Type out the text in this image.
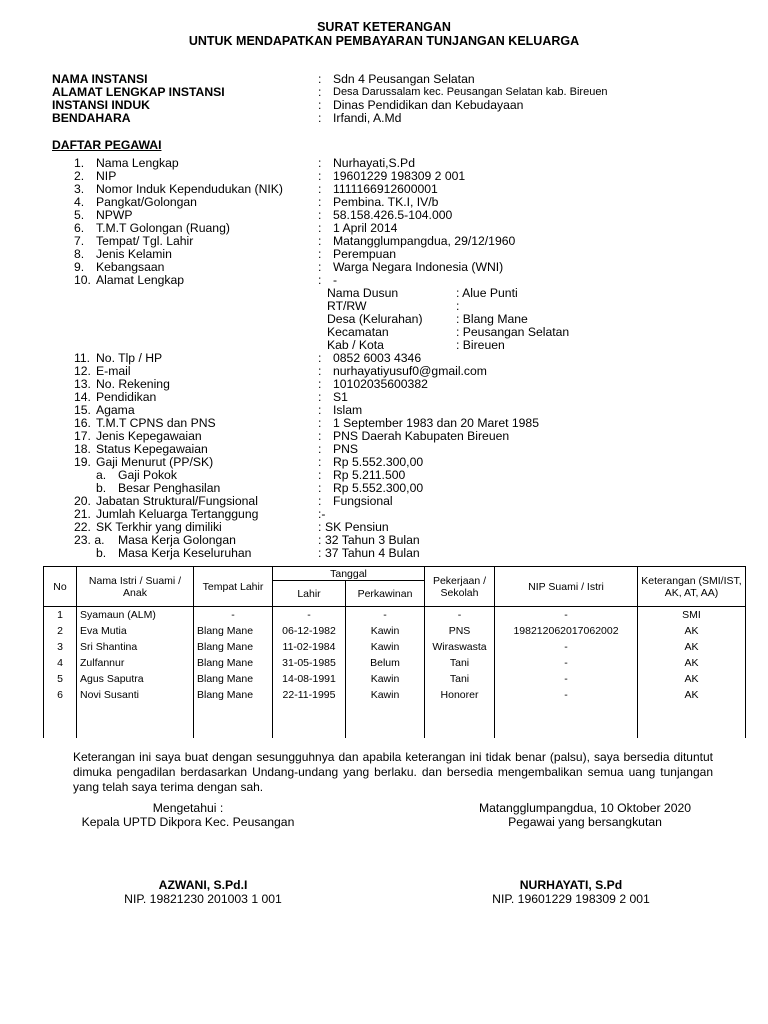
SURAT KETERANGAN
UNTUK MENDAPATKAN PEMBAYARAN TUNJANGAN KELUARGA
NAMA INSTANSI	: Sdn 4 Peusangan Selatan
ALAMAT LENGKAP INSTANSI	: Desa Darussalam kec. Peusangan Selatan kab. Bireuen
INSTANSI INDUK	: Dinas Pendidikan dan Kebudayaan
BENDAHARA	: Irfandi, A.Md
DAFTAR PEGAWAI
1. Nama Lengkap	: Nurhayati,S.Pd
2. NIP	: 19601229 198309 2 001
3. Nomor Induk Kependudukan (NIK)	: 1111166912600001
4. Pangkat/Golongan	: Pembina. TK.I, IV/b
5. NPWP	: 58.158.426.5-104.000
6. T.M.T Golongan (Ruang)	: 1 April 2014
7. Tempat/ Tgl. Lahir	: Matangglumpangdua, 29/12/1960
8. Jenis Kelamin	: Perempuan
9. Kebangsaan	: Warga Negara Indonesia (WNI)
10. Alamat Lengkap	: -
Nama Dusun	: Alue Punti
RT/RW	:
Desa (Kelurahan)	: Blang Mane
Kecamatan	: Peusangan Selatan
Kab / Kota	: Bireuen
11. No. Tlp / HP	: 0852 6003 4346
12. E-mail	: nurhayatiyusuf0@gmail.com
13. No. Rekening	: 10102035600382
14. Pendidikan	: S1
15. Agama	: Islam
16. T.M.T CPNS dan PNS	: 1 September 1983 dan 20 Maret 1985
17. Jenis Kepegawaian	: PNS Daerah Kabupaten Bireuen
18. Status Kepegawaian	: PNS
19. Gaji Menurut (PP/SK)	: Rp 5.552.300,00
a. Gaji Pokok	: Rp 5.211.500
b. Besar Penghasilan	: Rp 5.552.300,00
20. Jabatan Struktural/Fungsional	: Fungsional
21. Jumlah Keluarga Tertanggung	:-
22. SK Terkhir yang dimiliki	: SK Pensiun
23. a. Masa Kerja Golongan	: 32 Tahun 3 Bulan
b. Masa Kerja Keseluruhan	: 37 Tahun 4 Bulan
No	Nama Istri / Suami / Anak	Tempat Lahir	Tanggal		Pekerjaan / Sekolah	NIP Suami / Istri	Keterangan (SMI/IST, AK, AT, AA)
			Lahir	Perkawinan			
1	Syamaun (ALM)	-	-	-	-	-	SMI
2	Eva Mutia	Blang Mane	06-12-1982	Kawin	PNS	198212062017062002	AK
3	Sri Shantina	Blang Mane	11-02-1984	Kawin	Wiraswasta	-	AK
4	Zulfannur	Blang Mane	31-05-1985	Belum	Tani	-	AK
5	Agus Saputra	Blang Mane	14-08-1991	Kawin	Tani	-	AK
6	Novi Susanti	Blang Mane	22-11-1995	Kawin	Honorer	-	AK

Keterangan ini saya buat dengan sesungguhnya dan apabila keterangan ini tidak benar (palsu), saya bersedia dituntut dimuka pengadilan berdasarkan Undang-undang yang berlaku. dan bersedia mengembalikan semua uang tunjangan yang telah saya terima dengan sah.
Mengetahui :
Kepala UPTD Dikpora Kec. Peusangan
AZWANI, S.Pd.I
NIP. 19821230 201003 1 001
Matangglumpangdua, 10 Oktober 2020
Pegawai yang bersangkutan
NURHAYATI, S.Pd
NIP. 19601229 198309 2 001
